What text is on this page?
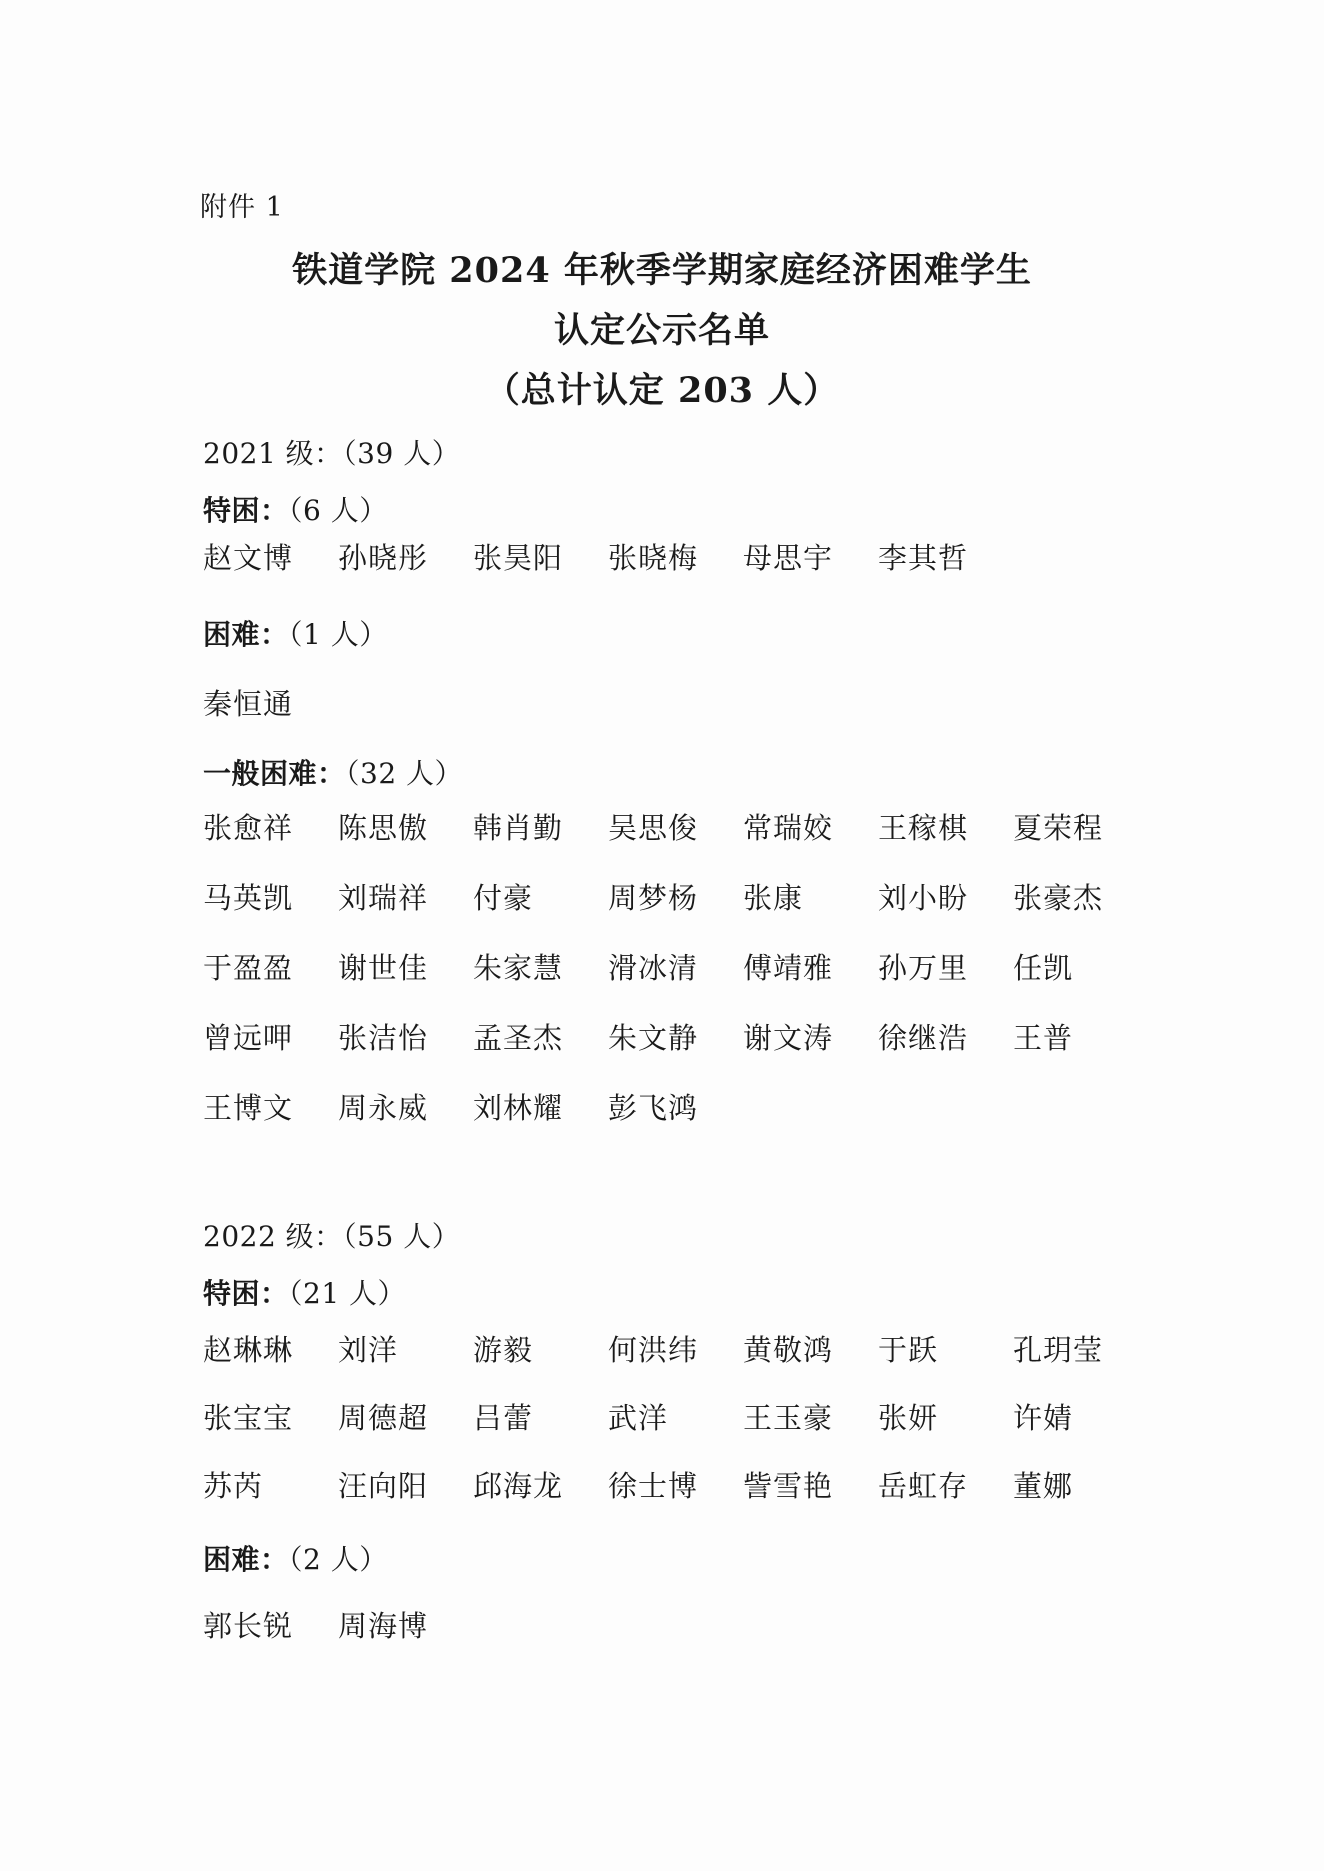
附件 1
铁道学院 2024 年秋季学期家庭经济困难学生
认定公示名单
（总计认定 203 人）
2021 级：（39 人）
特困：（6 人）
赵文博	孙晓彤	张昊阳	张晓梅	母思宇	李其哲
困难：（1 人）
秦恒通
一般困难：（32 人）
张愈祥	陈思傲	韩肖勤	吴思俊	常瑞姣	王稼棋	夏荣程
马英凯	刘瑞祥	付豪	周梦杨	张康	刘小盼	张豪杰
于盈盈	谢世佳	朱家慧	滑冰清	傅靖雅	孙万里	任凯
曾远呷	张洁怡	孟圣杰	朱文静	谢文涛	徐继浩	王普
王博文	周永威	刘林耀	彭飞鸿
2022 级：（55 人）
特困：（21 人）
赵琳琳	刘洋	游毅	何洪纬	黄敬鸿	于跃	孔玥莹
张宝宝	周德超	吕蕾	武洋	王玉豪	张妍	许婧
苏芮	汪向阳	邱海龙	徐士博	訾雪艳	岳虹存	董娜
困难：（2 人）
郭长锐	周海博
